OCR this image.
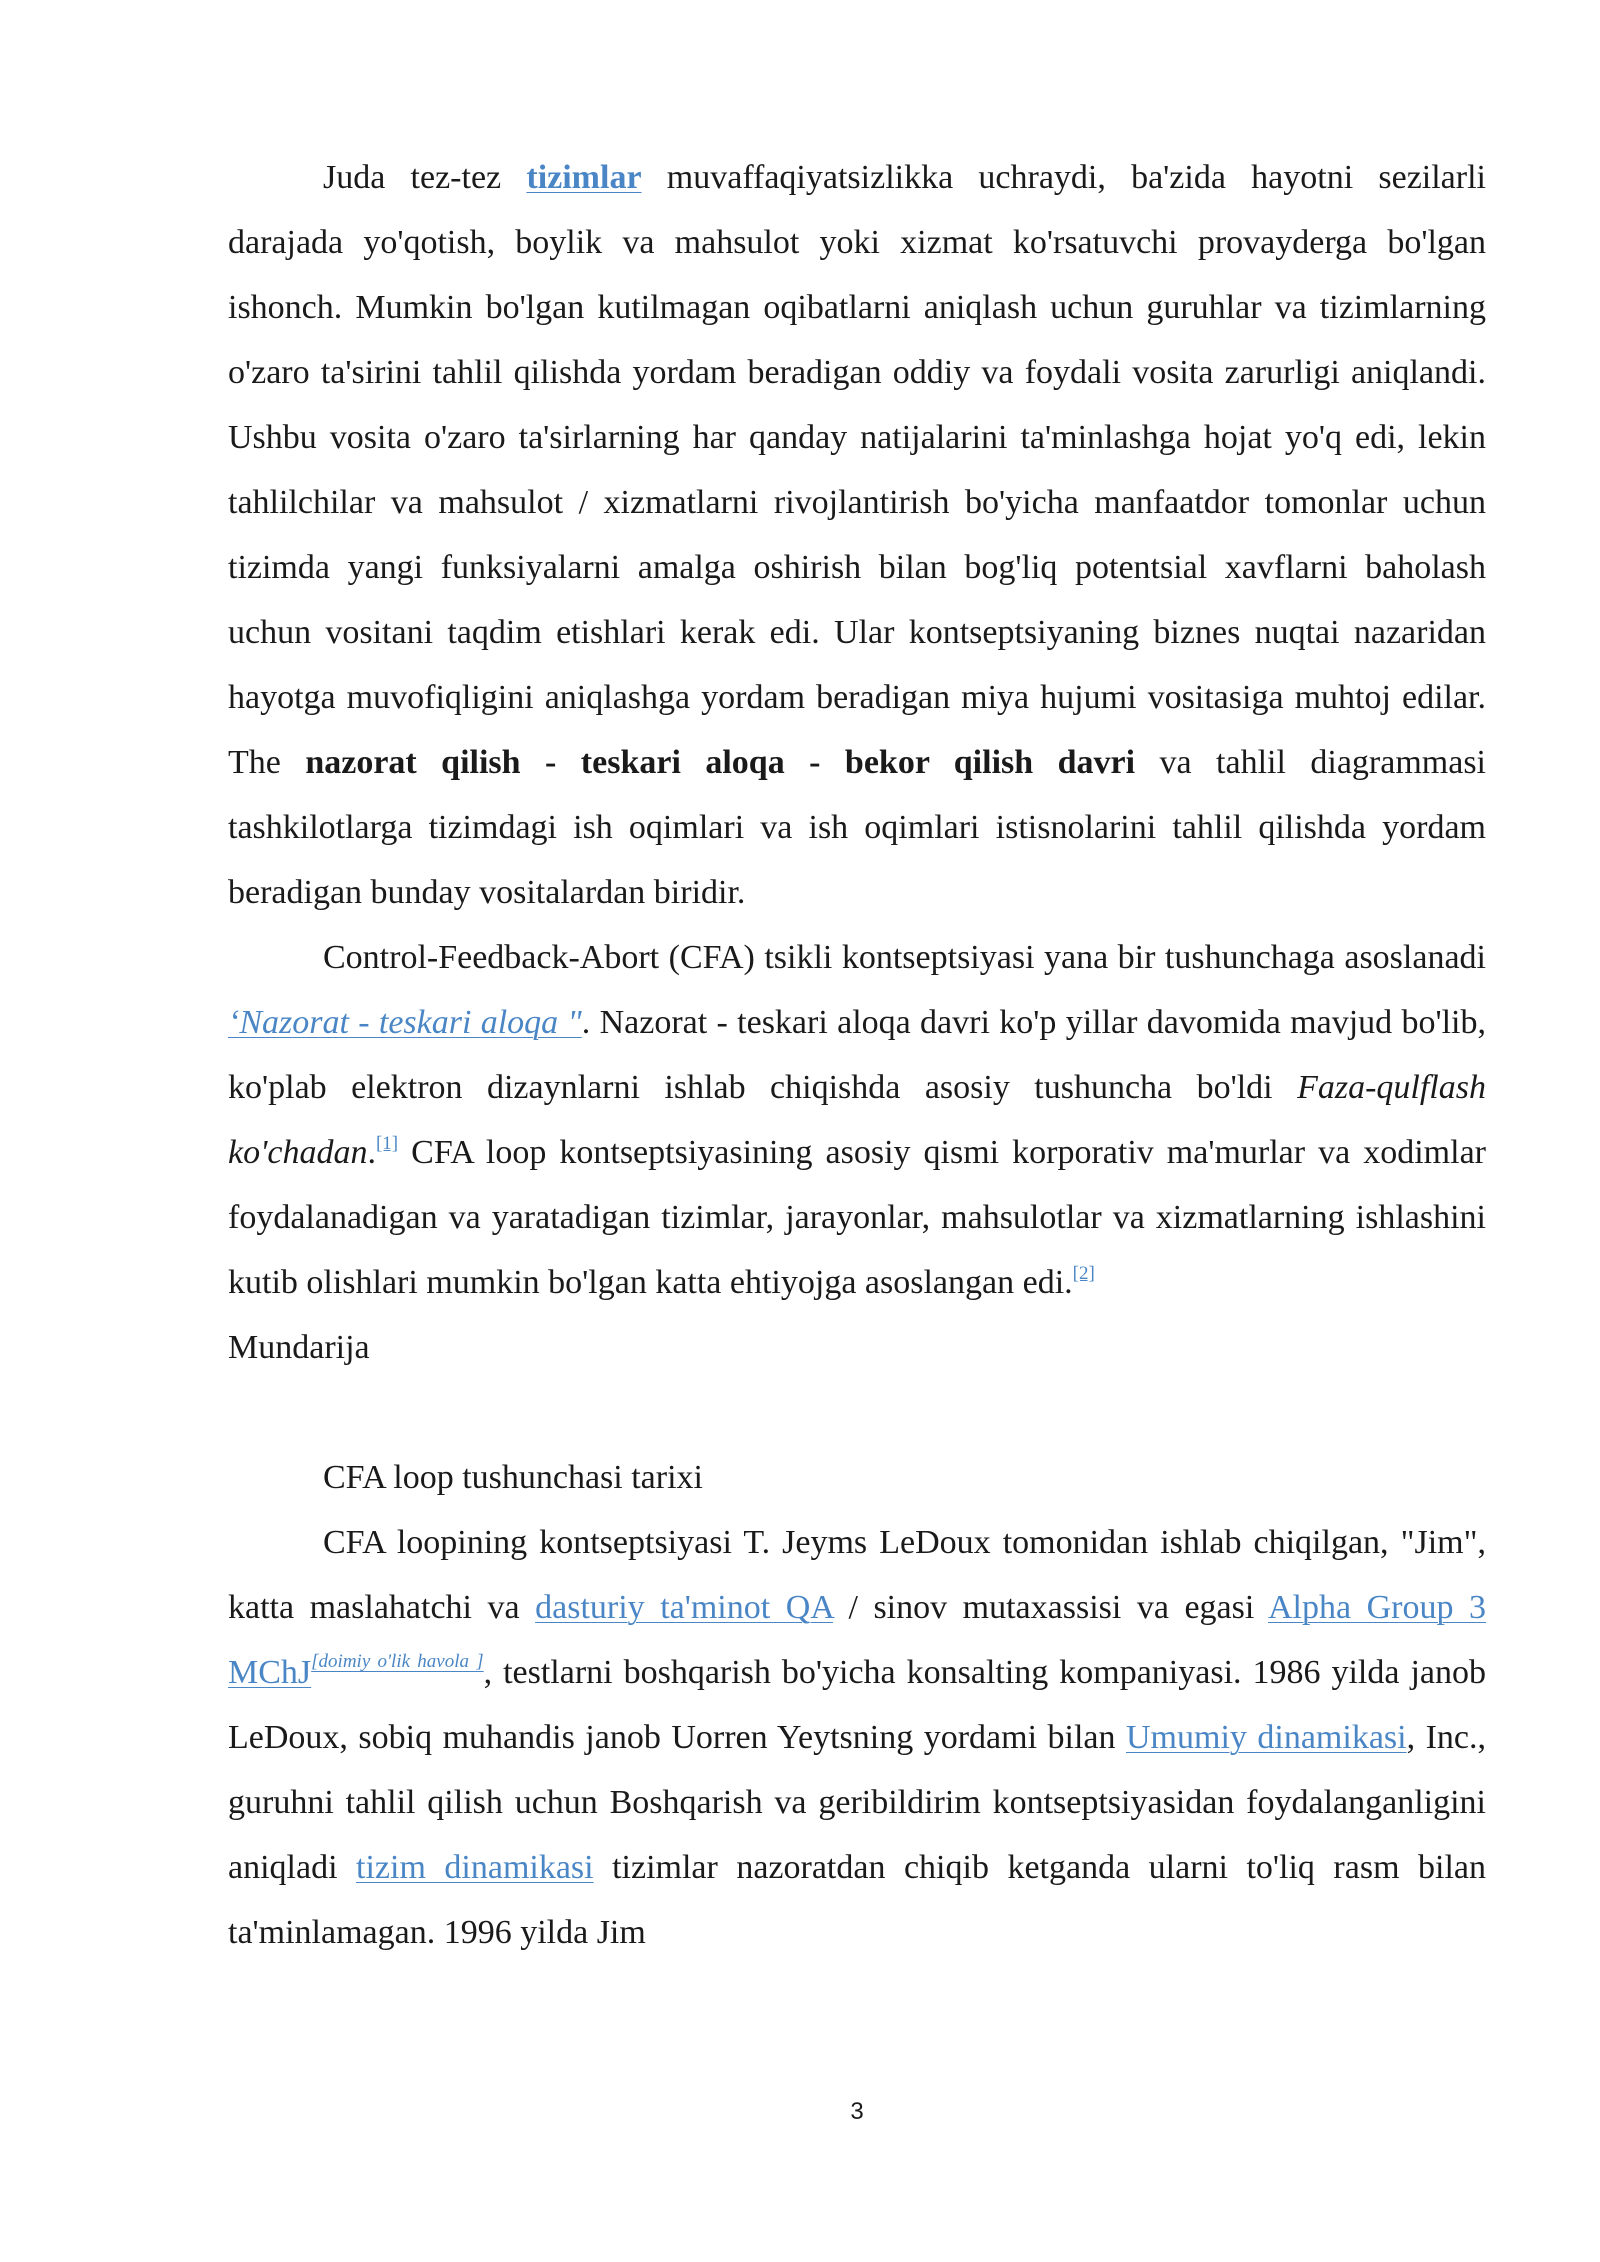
Juda tez-tez tizimlar muvaffaqiyatsizlikka uchraydi, ba'zida hayotni sezilarli darajada yo'qotish, boylik va mahsulot yoki xizmat ko'rsatuvchi provayderga bo'lgan ishonch. Mumkin bo'lgan kutilmagan oqibatlarni aniqlash uchun guruhlar va tizimlarning o'zaro ta'sirini tahlil qilishda yordam beradigan oddiy va foydali vosita zarurligi aniqlandi. Ushbu vosita o'zaro ta'sirlarning har qanday natijalarini ta'minlashga hojat yo'q edi, lekin tahlilchilar va mahsulot / xizmatlarni rivojlantirish bo'yicha manfaatdor tomonlar uchun tizimda yangi funksiyalarni amalga oshirish bilan bog'liq potentsial xavflarni baholash uchun vositani taqdim etishlari kerak edi. Ular kontseptsiyaning biznes nuqtai nazaridan hayotga muvofiqligini aniqlashga yordam beradigan miya hujumi vositasiga muhtoj edilar. The nazorat qilish - teskari aloqa - bekor qilish davri va tahlil diagrammasi tashkilotlarga tizimdagi ish oqimlari va ish oqimlari istisnolarini tahlil qilishda yordam beradigan bunday vositalardan biridir.

Control-Feedback-Abort (CFA) tsikli kontseptsiyasi yana bir tushunchaga asoslanadi ‘Nazorat - teskari aloqa ". Nazorat - teskari aloqa davri ko'p yillar davomida mavjud bo'lib, ko'plab elektron dizaynlarni ishlab chiqishda asosiy tushuncha bo'ldi Faza-qulflash ko'chadan.[1] CFA loop kontseptsiyasining asosiy qismi korporativ ma'murlar va xodimlar foydalanadigan va yaratadigan tizimlar, jarayonlar, mahsulotlar va xizmatlarning ishlashini kutib olishlari mumkin bo'lgan katta ehtiyojga asoslangan edi.[2]

Mundarija

CFA loop tushunchasi tarixi

CFA loopining kontseptsiyasi T. Jeyms LeDoux tomonidan ishlab chiqilgan, "Jim", katta maslahatchi va dasturiy ta'minot QA / sinov mutaxassisi va egasi Alpha Group 3 MChJ[doimiy o'lik havola ], testlarni boshqarish bo'yicha konsalting kompaniyasi. 1986 yilda janob LeDoux, sobiq muhandis janob Uorren Yeytsning yordami bilan Umumiy dinamikasi, Inc., guruhni tahlil qilish uchun Boshqarish va geribildirim kontseptsiyasidan foydalanganligini aniqladi tizim dinamikasi tizimlar nazoratdan chiqib ketganda ularni to'liq rasm bilan ta'minlamagan. 1996 yilda Jim

3
